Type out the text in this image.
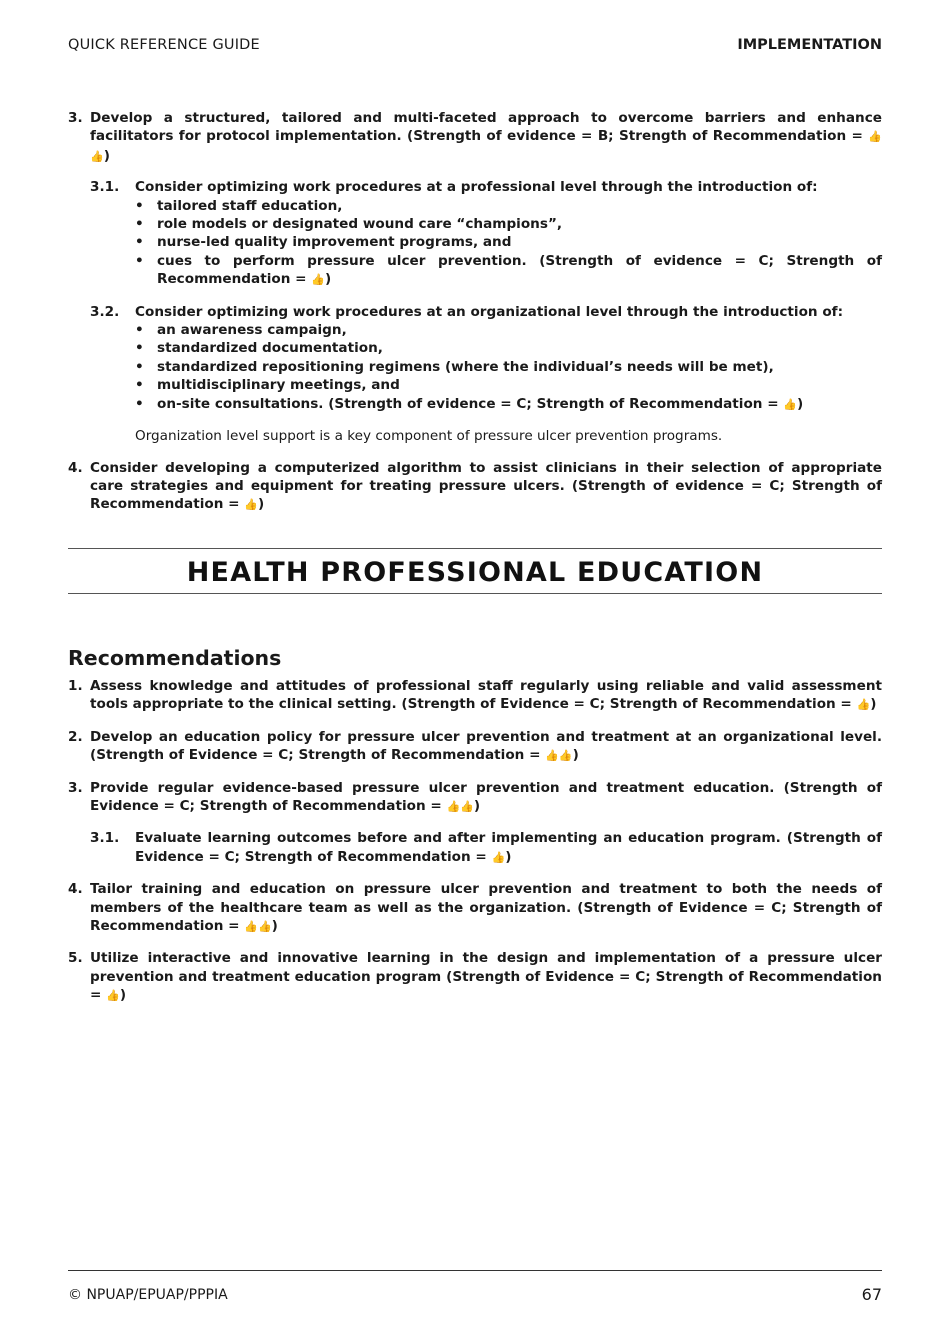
QUICK REFERENCE GUIDE	IMPLEMENTATION
3. Develop a structured, tailored and multi-faceted approach to overcome barriers and enhance facilitators for protocol implementation. (Strength of evidence = B; Strength of Recommendation = 👍👍)
3.1. Consider optimizing work procedures at a professional level through the introduction of:
• tailored staff education,
• role models or designated wound care “champions”,
• nurse-led quality improvement programs, and
• cues to perform pressure ulcer prevention. (Strength of evidence = C; Strength of Recommendation = 👍)
3.2. Consider optimizing work procedures at an organizational level through the introduction of:
• an awareness campaign,
• standardized documentation,
• standardized repositioning regimens (where the individual’s needs will be met),
• multidisciplinary meetings, and
• on-site consultations. (Strength of evidence = C; Strength of Recommendation = 👍)
Organization level support is a key component of pressure ulcer prevention programs.
4. Consider developing a computerized algorithm to assist clinicians in their selection of appropriate care strategies and equipment for treating pressure ulcers. (Strength of evidence = C; Strength of Recommendation = 👍)
HEALTH PROFESSIONAL EDUCATION
Recommendations
1. Assess knowledge and attitudes of professional staff regularly using reliable and valid assessment tools appropriate to the clinical setting. (Strength of Evidence = C; Strength of Recommendation = 👍)
2. Develop an education policy for pressure ulcer prevention and treatment at an organizational level. (Strength of Evidence = C; Strength of Recommendation = 👍👍)
3. Provide regular evidence-based pressure ulcer prevention and treatment education. (Strength of Evidence = C; Strength of Recommendation = 👍👍)
3.1. Evaluate learning outcomes before and after implementing an education program. (Strength of Evidence = C; Strength of Recommendation = 👍)
4. Tailor training and education on pressure ulcer prevention and treatment to both the needs of members of the healthcare team as well as the organization. (Strength of Evidence = C; Strength of Recommendation = 👍👍)
5. Utilize interactive and innovative learning in the design and implementation of a pressure ulcer prevention and treatment education program (Strength of Evidence = C; Strength of Recommendation = 👍)
© NPUAP/EPUAP/PPPIA	67
